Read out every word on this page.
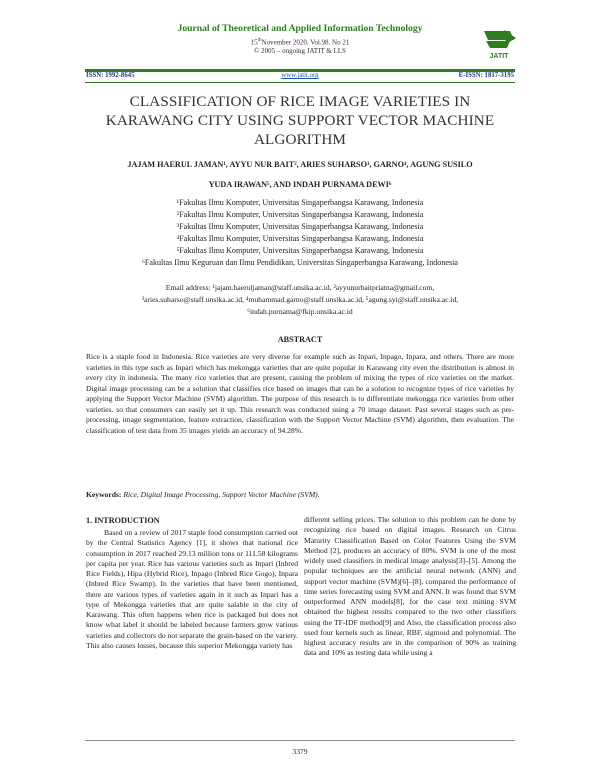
Journal of Theoretical and Applied Information Technology
15thNovember 2020. Vol.98. No 21
© 2005 – ongoing JATIT & LLS
JATIT
ISSN: 1992-8645	www.jatit.org	E-ISSN: 1817-3195
CLASSIFICATION OF RICE IMAGE VARIETIES IN KARAWANG CITY USING SUPPORT VECTOR MACHINE ALGORITHM
JAJAM HAERUL JAMAN¹, AYYU NUR BAIT², ARIES SUHARSO³, GARNO⁴, AGUNG SUSILO
YUDA IRAWAN⁵, AND INDAH PURNAMA DEWI⁶
¹Fakultas Ilmu Komputer, Universitas Singaperbangsa Karawang, Indonesia
²Fakultas Ilmu Komputer, Universitas Singaperbangsa Karawang, Indonesia
³Fakultas Ilmu Komputer, Universitas Singaperbangsa Karawang, Indonesia
⁴Fakultas Ilmu Komputer, Universitas Singaperbangsa Karawang, Indonesia
⁵Fakultas Ilmu Komputer, Universitas Singaperbangsa Karawang, Indonesia
⁶Fakultas Ilmu Keguruan dan Ilmu Pendidikan, Universitas Singaperbangsa Karawang, Indonesia
Email address: ¹jajam.haeruljaman@staff.unsika.ac.id, ²ayyunurbaitpriatna@gmail.com,
³aries.suharso@staff.unsika.ac.id, ⁴muhammad.garno@staff.unsika.ac.id, ⁵agung.syi@staff.unsika.ac.id,
⁶indah.purnama@fkip.unsika.ac.id
ABSTRACT
Rice is a staple food in Indonesia. Rice varieties are very diverse for example such as Inpari, Inpago, Inpara, and others. There are more varieties in this type such as Inpari which has mekongga varieties that are quite popular in Karawang city even the distribution is almost in every city in indonesia. The many rice varieties that are present, causing the problem of mixing the types of rice varieties on the market. Digital image processing can be a solution that classifies rice based on images that can be a solution to recognize types of rice varieties by applying the Support Vector Machine (SVM) algorithm. The purpose of this research is to differentiate mekongga rice varieties from other varieties. so that consumers can easily set it up. This research was conducted using a 70 image dataset. Past several stages such as pre-processing, image segmentation, feature extraction, classification with the Support Vector Machine (SVM) algorithm, then evaluation. The classification of test data from 35 images yields an accuracy of 94.28%.
Keywords: Rice, Digital Image Processing, Support Vector Machine (SVM).
1. INTRODUCTION
Based on a review of 2017 staple food consumption carried out by the Central Statistics Agency [1], it shows that national rice consumption in 2017 reached 29.13 million tons or 111.58 kilograms per capita per year. Rice has various varieties such as Inpari (Inbred Rice Fields), Hipa (Hybrid Rice), Inpago (Inbred Rice Gogo), Inpara (Inbred Rice Swamp). In the varieties that have been mentioned, there are various types of varieties again in it such as Inpari has a type of Mekongga varieties that are quite salable in the city of Karawang. This often happens when rice is packaged but does not know what label it should be labeled because farmers grow various varieties and collectors do not separate the grain-based on the variety. This also causes losses, because this superior Mekongga variety has
different selling prices. The solution to this problem can be done by recognizing rice based on digital images. Research on Citrus Maturity Classification Based on Color Features Using the SVM Method [2], produces an accuracy of 80%. SVM is one of the most widely used classifiers in medical image analysis[3]–[5]. Among the popular techniques are the artificial neural network (ANN) and support vector machine (SVM)[6]–[8], compared the performance of time series forecasting using SVM and ANN. It was found that SVM outperformed ANN models[8], for the case text mining SVM obtained the highest results compared to the two other classifiers using the TF-IDF method[9] and Also, the classification process also used four kernels such as linear, RBF, sigmoid and polynomial. The highest accuracy results are in the comparison of 90% as training data and 10% as testing data while using a
3379
